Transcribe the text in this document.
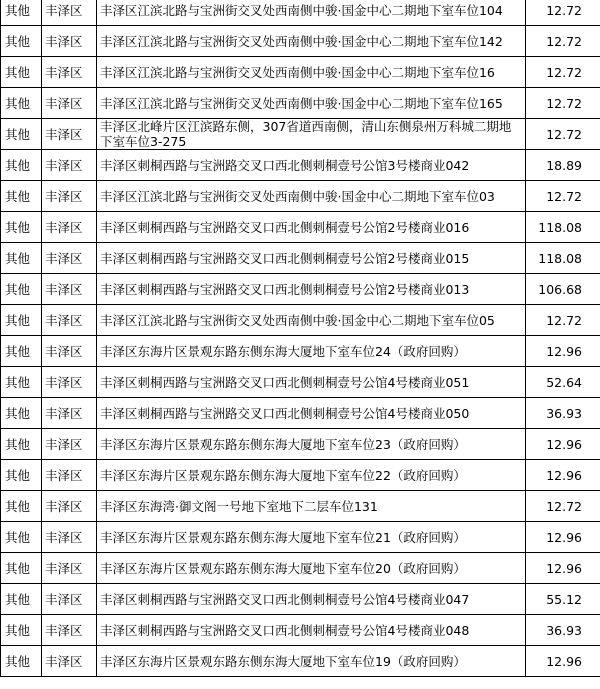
其他	丰泽区	丰泽区江滨北路与宝洲街交叉处西南侧中骏·国金中心二期地下室车位104	12.72
其他	丰泽区	丰泽区江滨北路与宝洲街交叉处西南侧中骏·国金中心二期地下室车位142	12.72
其他	丰泽区	丰泽区江滨北路与宝洲街交叉处西南侧中骏·国金中心二期地下室车位16	12.72
其他	丰泽区	丰泽区江滨北路与宝洲街交叉处西南侧中骏·国金中心二期地下室车位165	12.72
其他	丰泽区	丰泽区北峰片区江滨路东侧，307省道西南侧，清山东侧泉州万科城二期地下室车位3-275	12.72
其他	丰泽区	丰泽区刺桐西路与宝洲路交叉口西北侧刺桐壹号公馆3号楼商业042	18.89
其他	丰泽区	丰泽区江滨北路与宝洲街交叉处西南侧中骏·国金中心二期地下室车位03	12.72
其他	丰泽区	丰泽区刺桐西路与宝洲路交叉口西北侧刺桐壹号公馆2号楼商业016	118.08
其他	丰泽区	丰泽区刺桐西路与宝洲路交叉口西北侧刺桐壹号公馆2号楼商业015	118.08
其他	丰泽区	丰泽区刺桐西路与宝洲路交叉口西北侧刺桐壹号公馆2号楼商业013	106.68
其他	丰泽区	丰泽区江滨北路与宝洲街交叉处西南侧中骏·国金中心二期地下室车位05	12.72
其他	丰泽区	丰泽区东海片区景观东路东侧东海大厦地下室车位24（政府回购）	12.96
其他	丰泽区	丰泽区刺桐西路与宝洲路交叉口西北侧刺桐壹号公馆4号楼商业051	52.64
其他	丰泽区	丰泽区刺桐西路与宝洲路交叉口西北侧刺桐壹号公馆4号楼商业050	36.93
其他	丰泽区	丰泽区东海片区景观东路东侧东海大厦地下室车位23（政府回购）	12.96
其他	丰泽区	丰泽区东海片区景观东路东侧东海大厦地下室车位22（政府回购）	12.96
其他	丰泽区	丰泽区东海湾·御文阁一号地下室地下二层车位131	12.72
其他	丰泽区	丰泽区东海片区景观东路东侧东海大厦地下室车位21（政府回购）	12.96
其他	丰泽区	丰泽区东海片区景观东路东侧东海大厦地下室车位20（政府回购）	12.96
其他	丰泽区	丰泽区刺桐西路与宝洲路交叉口西北侧刺桐壹号公馆4号楼商业047	55.12
其他	丰泽区	丰泽区刺桐西路与宝洲路交叉口西北侧刺桐壹号公馆4号楼商业048	36.93
其他	丰泽区	丰泽区东海片区景观东路东侧东海大厦地下室车位19（政府回购）	12.96
